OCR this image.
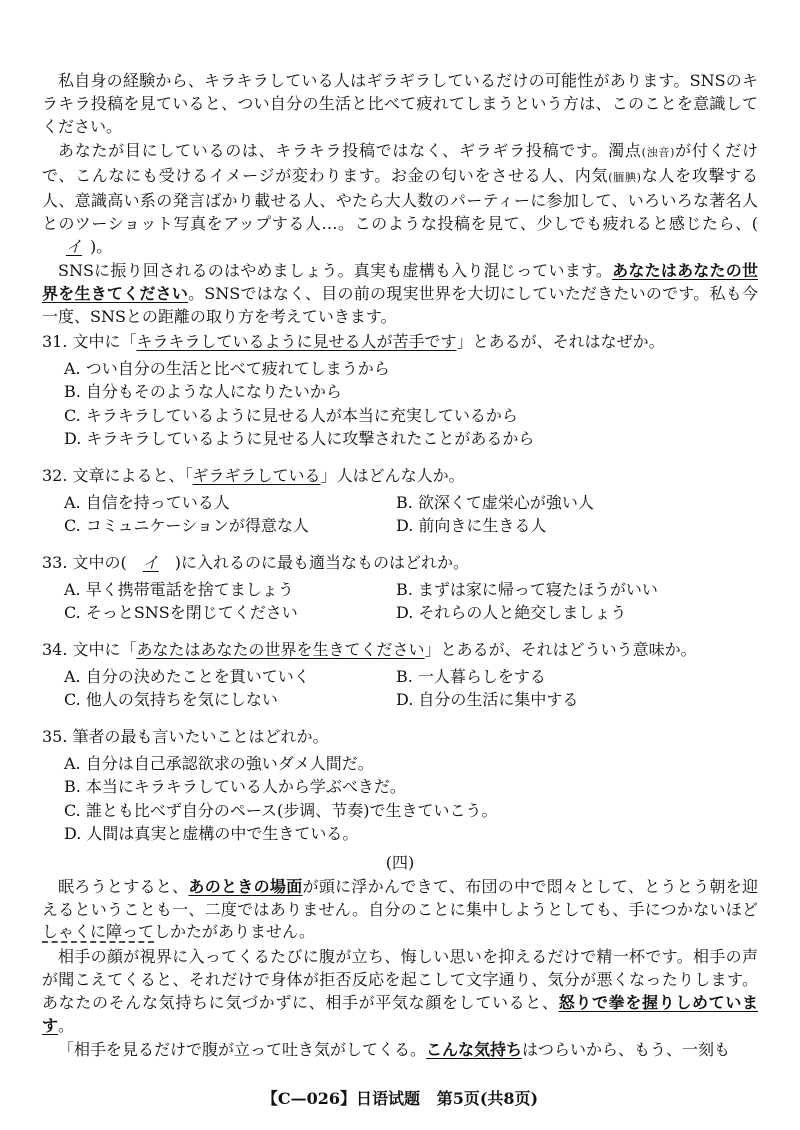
私自身の経験から、キラキラしている人はギラギラしているだけの可能性があります。SNSのキラキラ投稿を見ていると、つい自分の生活と比べて疲れてしまうという方は、このことを意識してください。

あなたが目にしているのは、キラキラ投稿ではなく、ギラギラ投稿です。濁点(浊音)が付くだけで、こんなにも受けるイメージが変わります。お金の匂いをさせる人、内気(腼腆)な人を攻撃する人、意識高い系の発言ばかり載せる人、やたら大人数のパーティーに参加して、いろいろな著名人とのツーショット写真をアップする人…。このような投稿を見て、少しでも疲れると感じたら、(イ )。

SNSに振り回されるのはやめましょう。真実も虚構も入り混じっています。あなたはあなたの世界を生きてください。SNSではなく、目の前の現実世界を大切にしていただきたいのです。私も今一度、SNSとの距離の取り方を考えていきます。

31. 文中に「キラキラしているように見せる人が苦手です」とあるが、それはなぜか。
A. つい自分の生活と比べて疲れてしまうから
B. 自分もそのような人になりたいから
C. キラキラしているように見せる人が本当に充実しているから
D. キラキラしているように見せる人に攻撃されたことがあるから
32. 文章によると、「ギラギラしている」人はどんな人か。
A. 自信を持っている人	B. 欲深くて虚栄心が強い人
C. コミュニケーションが得意な人	D. 前向きに生きる人
33. 文中の( イ )に入れるのに最も適当なものはどれか。
A. 早く携帯電話を捨てましょう	B. まずは家に帰って寝たほうがいい
C. そっとSNSを閉じてください	D. それらの人と絶交しましょう
34. 文中に「あなたはあなたの世界を生きてください」とあるが、それはどういう意味か。
A. 自分の決めたことを貫いていく	B. 一人暮らしをする
C. 他人の気持ちを気にしない	D. 自分の生活に集中する
35. 筆者の最も言いたいことはどれか。
A. 自分は自己承認欲求の強いダメ人間だ。
B. 本当にキラキラしている人から学ぶべきだ。
C. 誰とも比べず自分のペース(步调、节奏)で生きていこう。
D. 人間は真実と虚構の中で生きている。
(四)

眠ろうとすると、あのときの場面が頭に浮かんできて、布団の中で悶々として、とうとう朝を迎えるということも一、二度ではありません。自分のことに集中しようとしても、手につかないほどしゃくに障ってしかたがありません。

相手の顔が視界に入ってくるたびに腹が立ち、悔しい思いを抑えるだけで精一杯です。相手の声が聞こえてくると、それだけで身体が拒否反応を起こして文字通り、気分が悪くなったりします。あなたのそんな気持ちに気づかずに、相手が平気な顔をしていると、怒りで拳を握りしめています。

「相手を見るだけで腹が立って吐き気がしてくる。こんな気持ちはつらいから、もう、一刻も

【C—026】日语试题 第5页(共8页)
